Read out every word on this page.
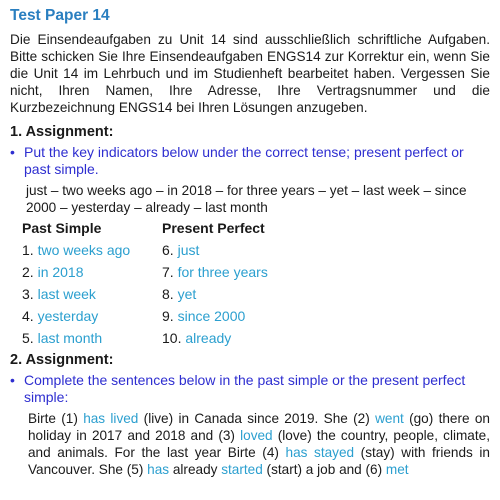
Test Paper 14
Die Einsendeaufgaben zu Unit 14 sind ausschließlich schriftliche Aufgaben. Bitte schicken Sie Ihre Einsendeaufgaben ENGS14 zur Korrektur ein, wenn Sie die Unit 14 im Lehrbuch und im Studienheft bearbeitet haben. Vergessen Sie nicht, Ihren Namen, Ihre Adresse, Ihre Vertragsnummer und die Kurzbezeichnung ENGS14 bei Ihren Lösungen anzugeben.
1. Assignment:
• Put the key indicators below under the correct tense; present perfect or past simple.
just – two weeks ago – in 2018 – for three years – yet – last week – since 2000 – yesterday – already – last month
Past Simple
1. two weeks ago
2. in 2018
3. last week
4. yesterday
5. last month
Present Perfect
6. just
7. for three years
8. yet
9. since 2000
10. already
2. Assignment:
• Complete the sentences below in the past simple or the present perfect simple:
Birte (1) has lived (live) in Canada since 2019. She (2) went (go) there on holiday in 2017 and 2018 and (3) loved (love) the country, people, climate, and animals. For the last year Birte (4) has stayed (stay) with friends in Vancouver. She (5) has already started (start) a job and (6) met
